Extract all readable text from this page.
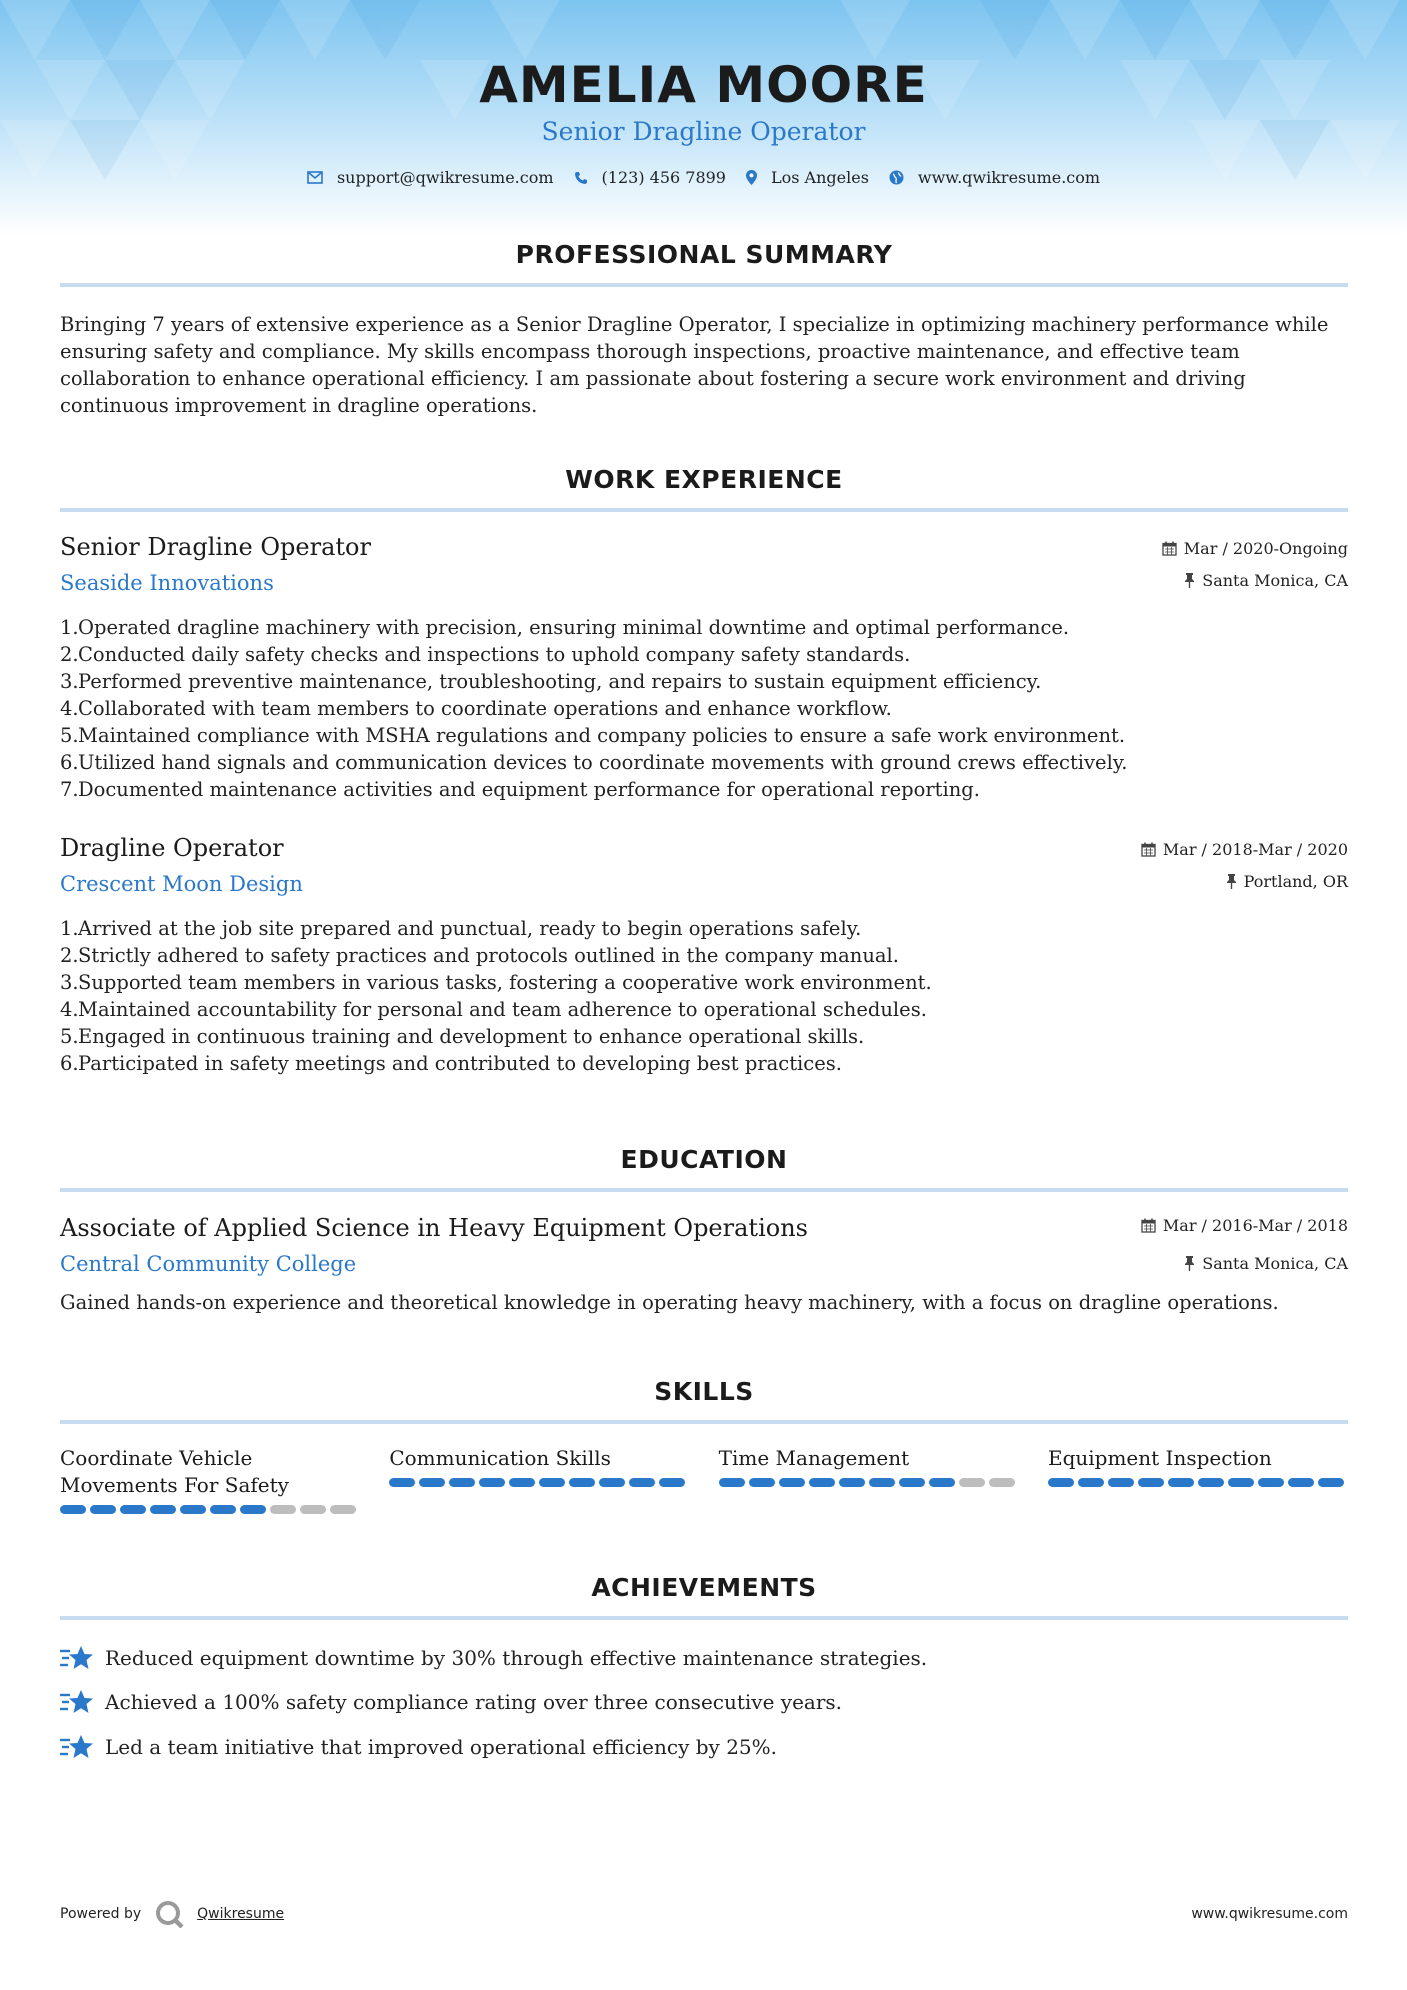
AMELIA MOORE
Senior Dragline Operator
support@qwikresume.com	(123) 456 7899	Los Angeles	www.qwikresume.com
PROFESSIONAL SUMMARY
Bringing 7 years of extensive experience as a Senior Dragline Operator, I specialize in optimizing machinery performance while ensuring safety and compliance. My skills encompass thorough inspections, proactive maintenance, and effective team collaboration to enhance operational efficiency. I am passionate about fostering a secure work environment and driving continuous improvement in dragline operations.
WORK EXPERIENCE
Senior Dragline Operator
Seaside Innovations
Mar / 2020-Ongoing
Santa Monica, CA
1. Operated dragline machinery with precision, ensuring minimal downtime and optimal performance.
2. Conducted daily safety checks and inspections to uphold company safety standards.
3. Performed preventive maintenance, troubleshooting, and repairs to sustain equipment efficiency.
4. Collaborated with team members to coordinate operations and enhance workflow.
5. Maintained compliance with MSHA regulations and company policies to ensure a safe work environment.
6. Utilized hand signals and communication devices to coordinate movements with ground crews effectively.
7. Documented maintenance activities and equipment performance for operational reporting.
Dragline Operator
Crescent Moon Design
Mar / 2018-Mar / 2020
Portland, OR
1. Arrived at the job site prepared and punctual, ready to begin operations safely.
2. Strictly adhered to safety practices and protocols outlined in the company manual.
3. Supported team members in various tasks, fostering a cooperative work environment.
4. Maintained accountability for personal and team adherence to operational schedules.
5. Engaged in continuous training and development to enhance operational skills.
6. Participated in safety meetings and contributed to developing best practices.
EDUCATION
Associate of Applied Science in Heavy Equipment Operations
Central Community College
Mar / 2016-Mar / 2018
Santa Monica, CA
Gained hands-on experience and theoretical knowledge in operating heavy machinery, with a focus on dragline operations.
SKILLS
Coordinate Vehicle Movements For Safety
Communication Skills	Time Management	Equipment Inspection
ACHIEVEMENTS
Reduced equipment downtime by 30% through effective maintenance strategies.
Achieved a 100% safety compliance rating over three consecutive years.
Led a team initiative that improved operational efficiency by 25%.
Powered by	Qwikresume	www.qwikresume.com
